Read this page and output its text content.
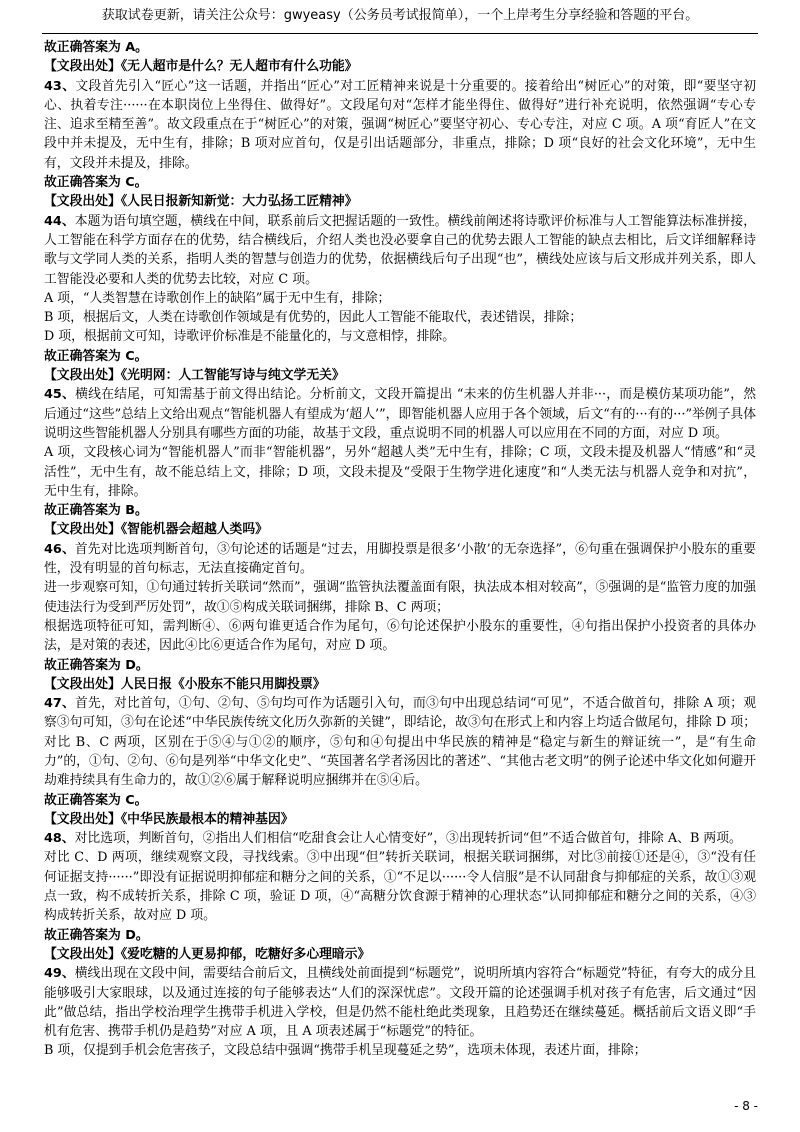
获取试卷更新，请关注公众号：gwyeasy（公务员考试报简单），一个上岸考生分享经验和答题的平台。

故正确答案为 A。

【文段出处】《无人超市是什么？无人超市有什么功能》

43、文段首先引入“匠心”这一话题，并指出“匠心”对工匠精神来说是十分重要的。接着给出“树匠心”的对策，即“要坚守初心、执着专注······在本职岗位上坐得住、做得好”。文段尾句对“怎样才能坐得住、做得好”进行补充说明，依然强调“专心专注、追求至精至善”。故文段重点在于“树匠心”的对策，强调“树匠心”要坚守初心、专心专注，对应 C 项。A 项“育匠人”在文段中并未提及，无中生有，排除；B 项对应首句，仅是引出话题部分，非重点，排除；D 项“良好的社会文化环境”，无中生有，文段并未提及，排除。

故正确答案为 C。

【文段出处】《人民日报新知新觉：大力弘扬工匠精神》

44、本题为语句填空题，横线在中间，联系前后文把握话题的一致性。横线前阐述将诗歌评价标准与人工智能算法标准拼接，人工智能在科学方面存在的优势，结合横线后，介绍人类也没必要拿自己的优势去跟人工智能的缺点去相比，后文详细解释诗歌与文学同人类的关系，指明人类的智慧与创造力的优势，依据横线后句子出现“也”，横线处应该与后文形成并列关系，即人工智能没必要和人类的优势去比较，对应 C 项。

A 项，“人类智慧在诗歌创作上的缺陷”属于无中生有，排除；

B 项，根据后文，人类在诗歌创作领域是有优势的，因此人工智能不能取代，表述错误，排除；

D 项，根据前文可知，诗歌评价标准是不能量化的，与文意相悖，排除。

故正确答案为 C。

【文段出处】《光明网：人工智能写诗与纯文学无关》

45、横线在结尾，可知需基于前文得出结论。分析前文，文段开篇提出 “未来的仿生机器人并非···，而是模仿某项功能”，然后通过“这些”总结上文给出观点“智能机器人有望成为‘超人’”，即智能机器人应用于各个领域，后文“有的···有的···”举例子具体说明这些智能机器人分别具有哪些方面的功能，故基于文段，重点说明不同的机器人可以应用在不同的方面，对应 D 项。

A 项，文段核心词为“智能机器人”而非“智能机器”，另外“超越人类”无中生有，排除；C 项，文段未提及机器人“情感”和“灵活性”，无中生有，故不能总结上文，排除；D 项，文段未提及“受限于生物学进化速度”和“人类无法与机器人竞争和对抗”，无中生有，排除。

故正确答案为 B。

【文段出处】《智能机器会超越人类吗》

46、首先对比选项判断首句，③句论述的话题是“过去，用脚投票是很多‘小散’的无奈选择”，⑥句重在强调保护小股东的重要性，没有明显的首句标志，无法直接确定首句。

进一步观察可知，①句通过转折关联词“然而”，强调“监管执法覆盖面有限，执法成本相对较高”，⑤强调的是“监管力度的加强使违法行为受到严厉处罚”，故①⑤构成关联词捆绑，排除 B、C 两项；

根据选项特征可知，需判断④、⑥两句谁更适合作为尾句，⑥句论述保护小股东的重要性，④句指出保护小投资者的具体办法，是对策的表述，因此④比⑥更适合作为尾句，对应 D 项。

故正确答案为 D。

【文段出处】人民日报《小股东不能只用脚投票》

47、首先，对比首句，①句、②句、⑤句均可作为话题引入句，而③句中出现总结词“可见”，不适合做首句，排除 A 项；观察③句可知，③句在论述“中华民族传统文化历久弥新的关键”，即结论，故③句在形式上和内容上均适合做尾句，排除 D 项；对比 B、C 两项，区别在于⑤④与①②的顺序，⑤句和④句提出中华民族的精神是“稳定与新生的辩证统一”，是“有生命力”的，①句、②句、⑥句是列举“中华文化史”、“英国著名学者汤因比的著述”、“其他古老文明”的例子论述中华文化如何避开劫难持续具有生命力的，故①②⑥属于解释说明应捆绑并在⑤④后。

故正确答案为 C。

【文段出处】《中华民族最根本的精神基因》

48、对比选项，判断首句，②指出人们相信“吃甜食会让人心情变好”，③出现转折词“但”不适合做首句，排除 A、B 两项。

对比 C、D 两项，继续观察文段，寻找线索。③中出现“但”转折关联词，根据关联词捆绑，对比③前接①还是④，③“没有任何证据支持······”即没有证据说明抑郁症和糖分之间的关系，①“不足以······令人信服”是不认同甜食与抑郁症的关系，故①③观点一致，构不成转折关系，排除 C 项，验证 D 项，④“高糖分饮食源于精神的心理状态”认同抑郁症和糖分之间的关系，④③构成转折关系，故对应 D 项。

故正确答案为 D。

【文段出处】《爱吃糖的人更易抑郁，吃糖好多心理暗示》

49、横线出现在文段中间，需要结合前后文，且横线处前面提到“标题党”，说明所填内容符合“标题党”特征，有夸大的成分且能够吸引大家眼球，以及通过连接的句子能够表达“人们的深深忧虑”。文段开篇的论述强调手机对孩子有危害，后文通过“因此”做总结，指出学校治理学生携带手机进入学校，但是仍然不能杜绝此类现象，且趋势还在继续蔓延。概括前后文语义即“手机有危害、携带手机仍是趋势”对应 A 项，且 A 项表述属于“标题党”的特征。

B 项，仅提到手机会危害孩子，文段总结中强调“携带手机呈现蔓延之势”，选项未体现，表述片面，排除；

- 8 -
